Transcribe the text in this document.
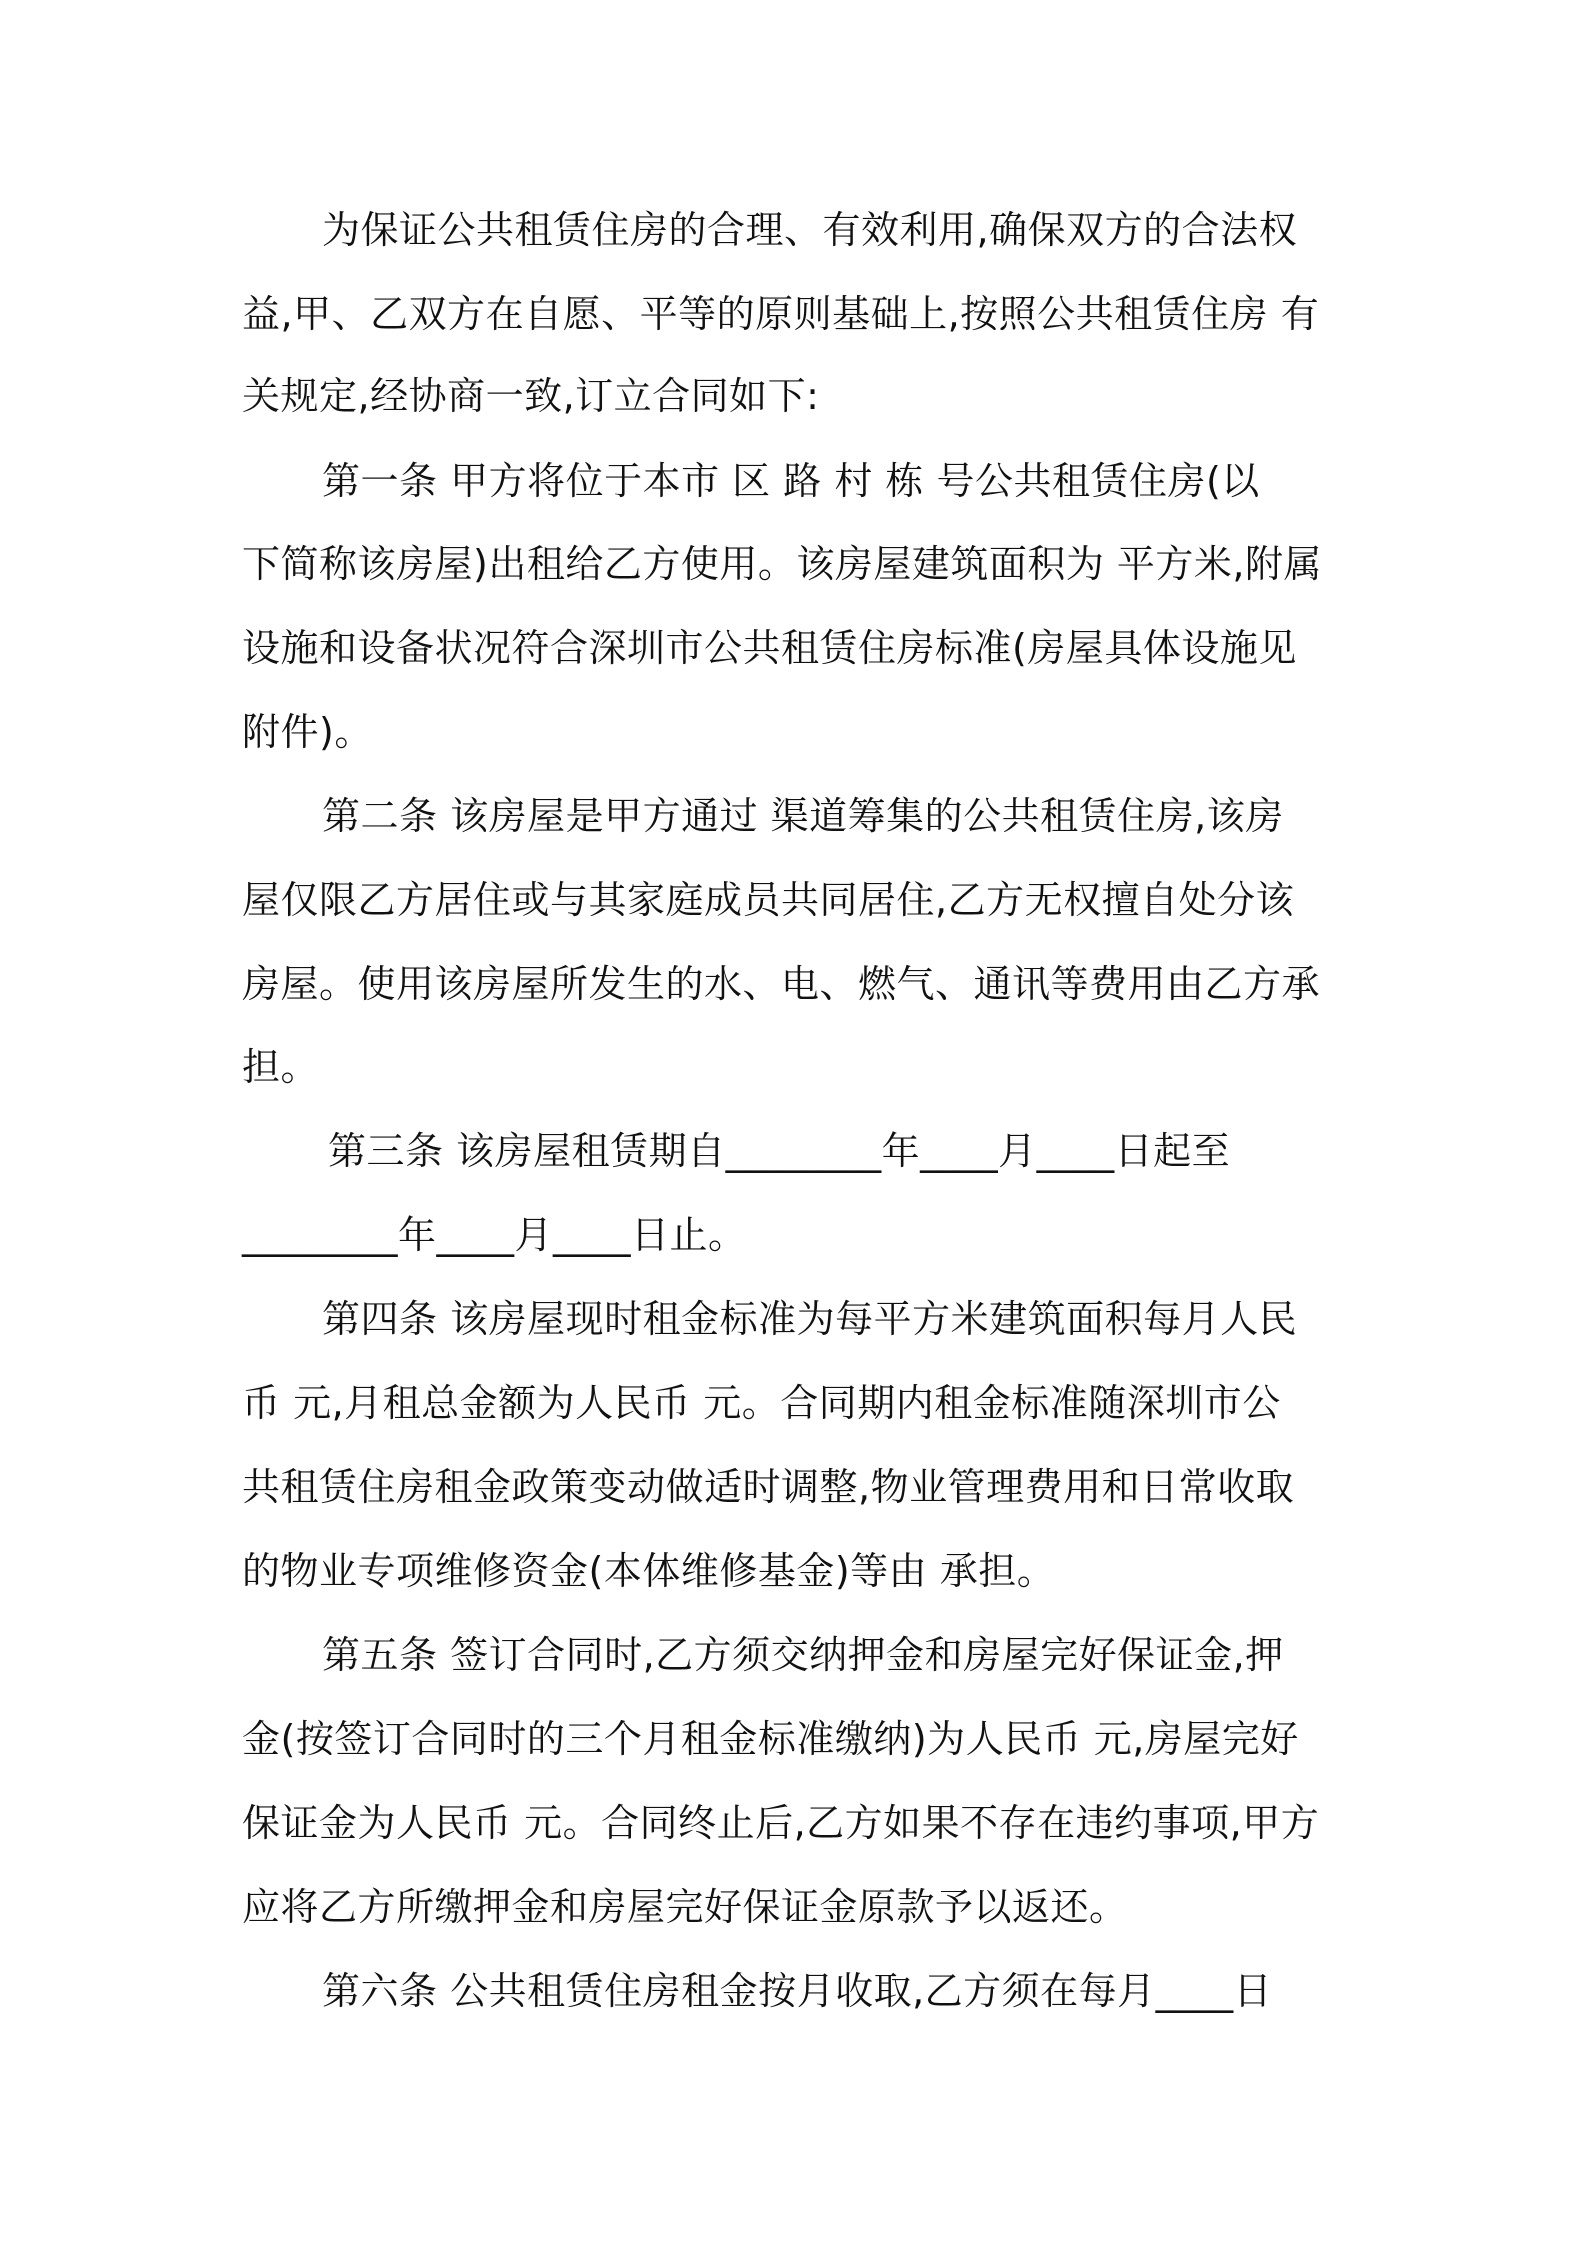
为保证公共租赁住房的合理、有效利用,确保双方的合法权
益,甲、乙双方在自愿、平等的原则基础上,按照公共租赁住房 有
关规定,经协商一致,订立合同如下:
第一条 甲方将位于本市 区 路 村 栋 号公共租赁住房(以
下简称该房屋)出租给乙方使用。该房屋建筑面积为 平方米,附属
设施和设备状况符合深圳市公共租赁住房标准(房屋具体设施见
附件)。
第二条 该房屋是甲方通过 渠道筹集的公共租赁住房,该房
屋仅限乙方居住或与其家庭成员共同居住,乙方无权擅自处分该
房屋。使用该房屋所发生的水、电、燃气、通讯等费用由乙方承
担。
第三条 该房屋租赁期自________年____月____日起至
________年____月____日止。
第四条 该房屋现时租金标准为每平方米建筑面积每月人民
币 元,月租总金额为人民币 元。合同期内租金标准随深圳市公
共租赁住房租金政策变动做适时调整,物业管理费用和日常收取
的物业专项维修资金(本体维修基金)等由 承担。
第五条 签订合同时,乙方须交纳押金和房屋完好保证金,押
金(按签订合同时的三个月租金标准缴纳)为人民币 元,房屋完好
保证金为人民币 元。合同终止后,乙方如果不存在违约事项,甲方
应将乙方所缴押金和房屋完好保证金原款予以返还。
第六条 公共租赁住房租金按月收取,乙方须在每月____日
